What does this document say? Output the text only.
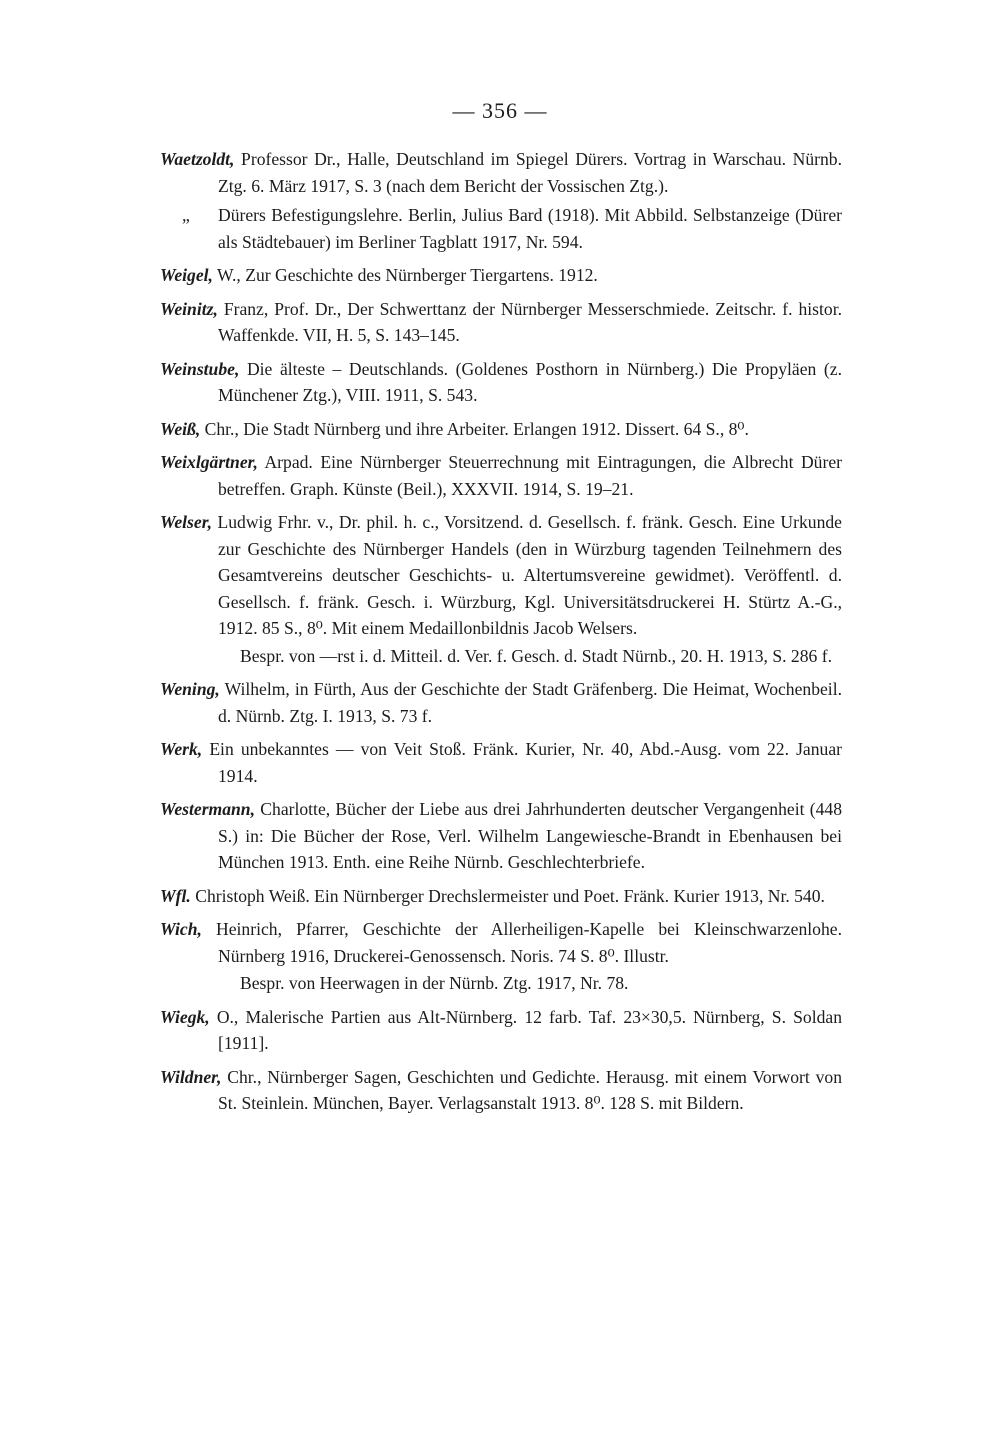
— 356 —

Waetzoldt, Professor Dr., Halle, Deutschland im Spiegel Dürers. Vortrag in Warschau. Nürnb. Ztg. 6. März 1917, S. 3 (nach dem Bericht der Vossischen Ztg.).

„ Dürers Befestigungslehre. Berlin, Julius Bard (1918). Mit Abbild. Selbstanzeige (Dürer als Städtebauer) im Berliner Tagblatt 1917, Nr. 594.

Weigel, W., Zur Geschichte des Nürnberger Tiergartens. 1912.

Weinitz, Franz, Prof. Dr., Der Schwerttanz der Nürnberger Messerschmiede. Zeitschr. f. histor. Waffenkde. VII, H. 5, S. 143–145.

Weinstube, Die älteste – Deutschlands. (Goldenes Posthorn in Nürnberg.) Die Propyläen (z. Münchener Ztg.), VIII. 1911, S. 543.

Weiß, Chr., Die Stadt Nürnberg und ihre Arbeiter. Erlangen 1912. Dissert. 64 S., 8⁰.

Weixlgärtner, Arpad. Eine Nürnberger Steuerrechnung mit Eintragungen, die Albrecht Dürer betreffen. Graph. Künste (Beil.), XXXVII. 1914, S. 19–21.

Welser, Ludwig Frhr. v., Dr. phil. h. c., Vorsitzend. d. Gesellsch. f. fränk. Gesch. Eine Urkunde zur Geschichte des Nürnberger Handels (den in Würzburg tagenden Teilnehmern des Gesamtvereins deutscher Geschichts- u. Altertumsvereine gewidmet). Veröffentl. d. Gesellsch. f. fränk. Gesch. i. Würzburg, Kgl. Universitätsdruckerei H. Stürtz A.-G., 1912. 85 S., 8⁰. Mit einem Medaillonbildnis Jacob Welsers.

Bespr. von —rst i. d. Mitteil. d. Ver. f. Gesch. d. Stadt Nürnb., 20. H. 1913, S. 286 f.

Wening, Wilhelm, in Fürth, Aus der Geschichte der Stadt Gräfenberg. Die Heimat, Wochenbeil. d. Nürnb. Ztg. I. 1913, S. 73 f.

Werk, Ein unbekanntes — von Veit Stoß. Fränk. Kurier, Nr. 40, Abd.-Ausg. vom 22. Januar 1914.

Westermann, Charlotte, Bücher der Liebe aus drei Jahrhunderten deutscher Vergangenheit (448 S.) in: Die Bücher der Rose, Verl. Wilhelm Langewiesche-Brandt in Ebenhausen bei München 1913. Enth. eine Reihe Nürnb. Geschlechterbriefe.

Wfl. Christoph Weiß. Ein Nürnberger Drechslermeister und Poet. Fränk. Kurier 1913, Nr. 540.

Wich, Heinrich, Pfarrer, Geschichte der Allerheiligen-Kapelle bei Kleinschwarzenlohe. Nürnberg 1916, Druckerei-Genossensch. Noris. 74 S. 8⁰. Illustr.

Bespr. von Heerwagen in der Nürnb. Ztg. 1917, Nr. 78.

Wiegk, O., Malerische Partien aus Alt-Nürnberg. 12 farb. Taf. 23×30,5. Nürnberg, S. Soldan [1911].

Wildner, Chr., Nürnberger Sagen, Geschichten und Gedichte. Herausg. mit einem Vorwort von St. Steinlein. München, Bayer. Verlagsanstalt 1913. 8⁰. 128 S. mit Bildern.
